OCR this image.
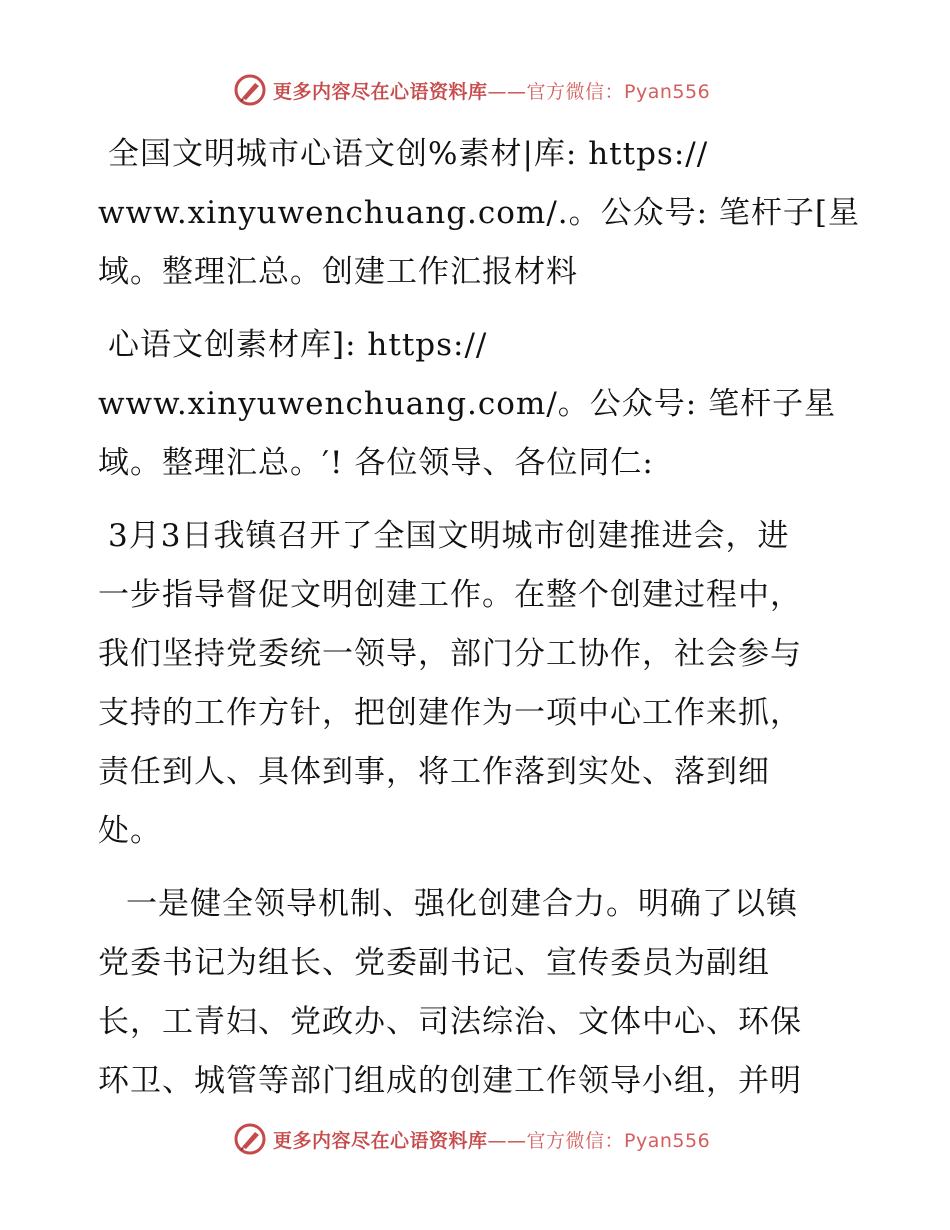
更多内容尽在心语资料库——官方微信：Pyan556
全国文明城市心语文创%素材|库: https://
www.xinyuwenchuang.com/.。公众号: 笔杆子[星
域。整理汇总。创建工作汇报材料
心语文创素材库]: https://
www.xinyuwenchuang.com/。公众号: 笔杆子星
域。整理汇总。′! 各位领导、各位同仁:
3月3日我镇召开了全国文明城市创建推进会，进
一步指导督促文明创建工作。在整个创建过程中，
我们坚持党委统一领导，部门分工协作，社会参与
支持的工作方针，把创建作为一项中心工作来抓，
责任到人、具体到事，将工作落到实处、落到细
处。
一是健全领导机制、强化创建合力。明确了以镇
党委书记为组长、党委副书记、宣传委员为副组
长，工青妇、党政办、司法综治、文体中心、环保
环卫、城管等部门组成的创建工作领导小组，并明
更多内容尽在心语资料库——官方微信：Pyan556
